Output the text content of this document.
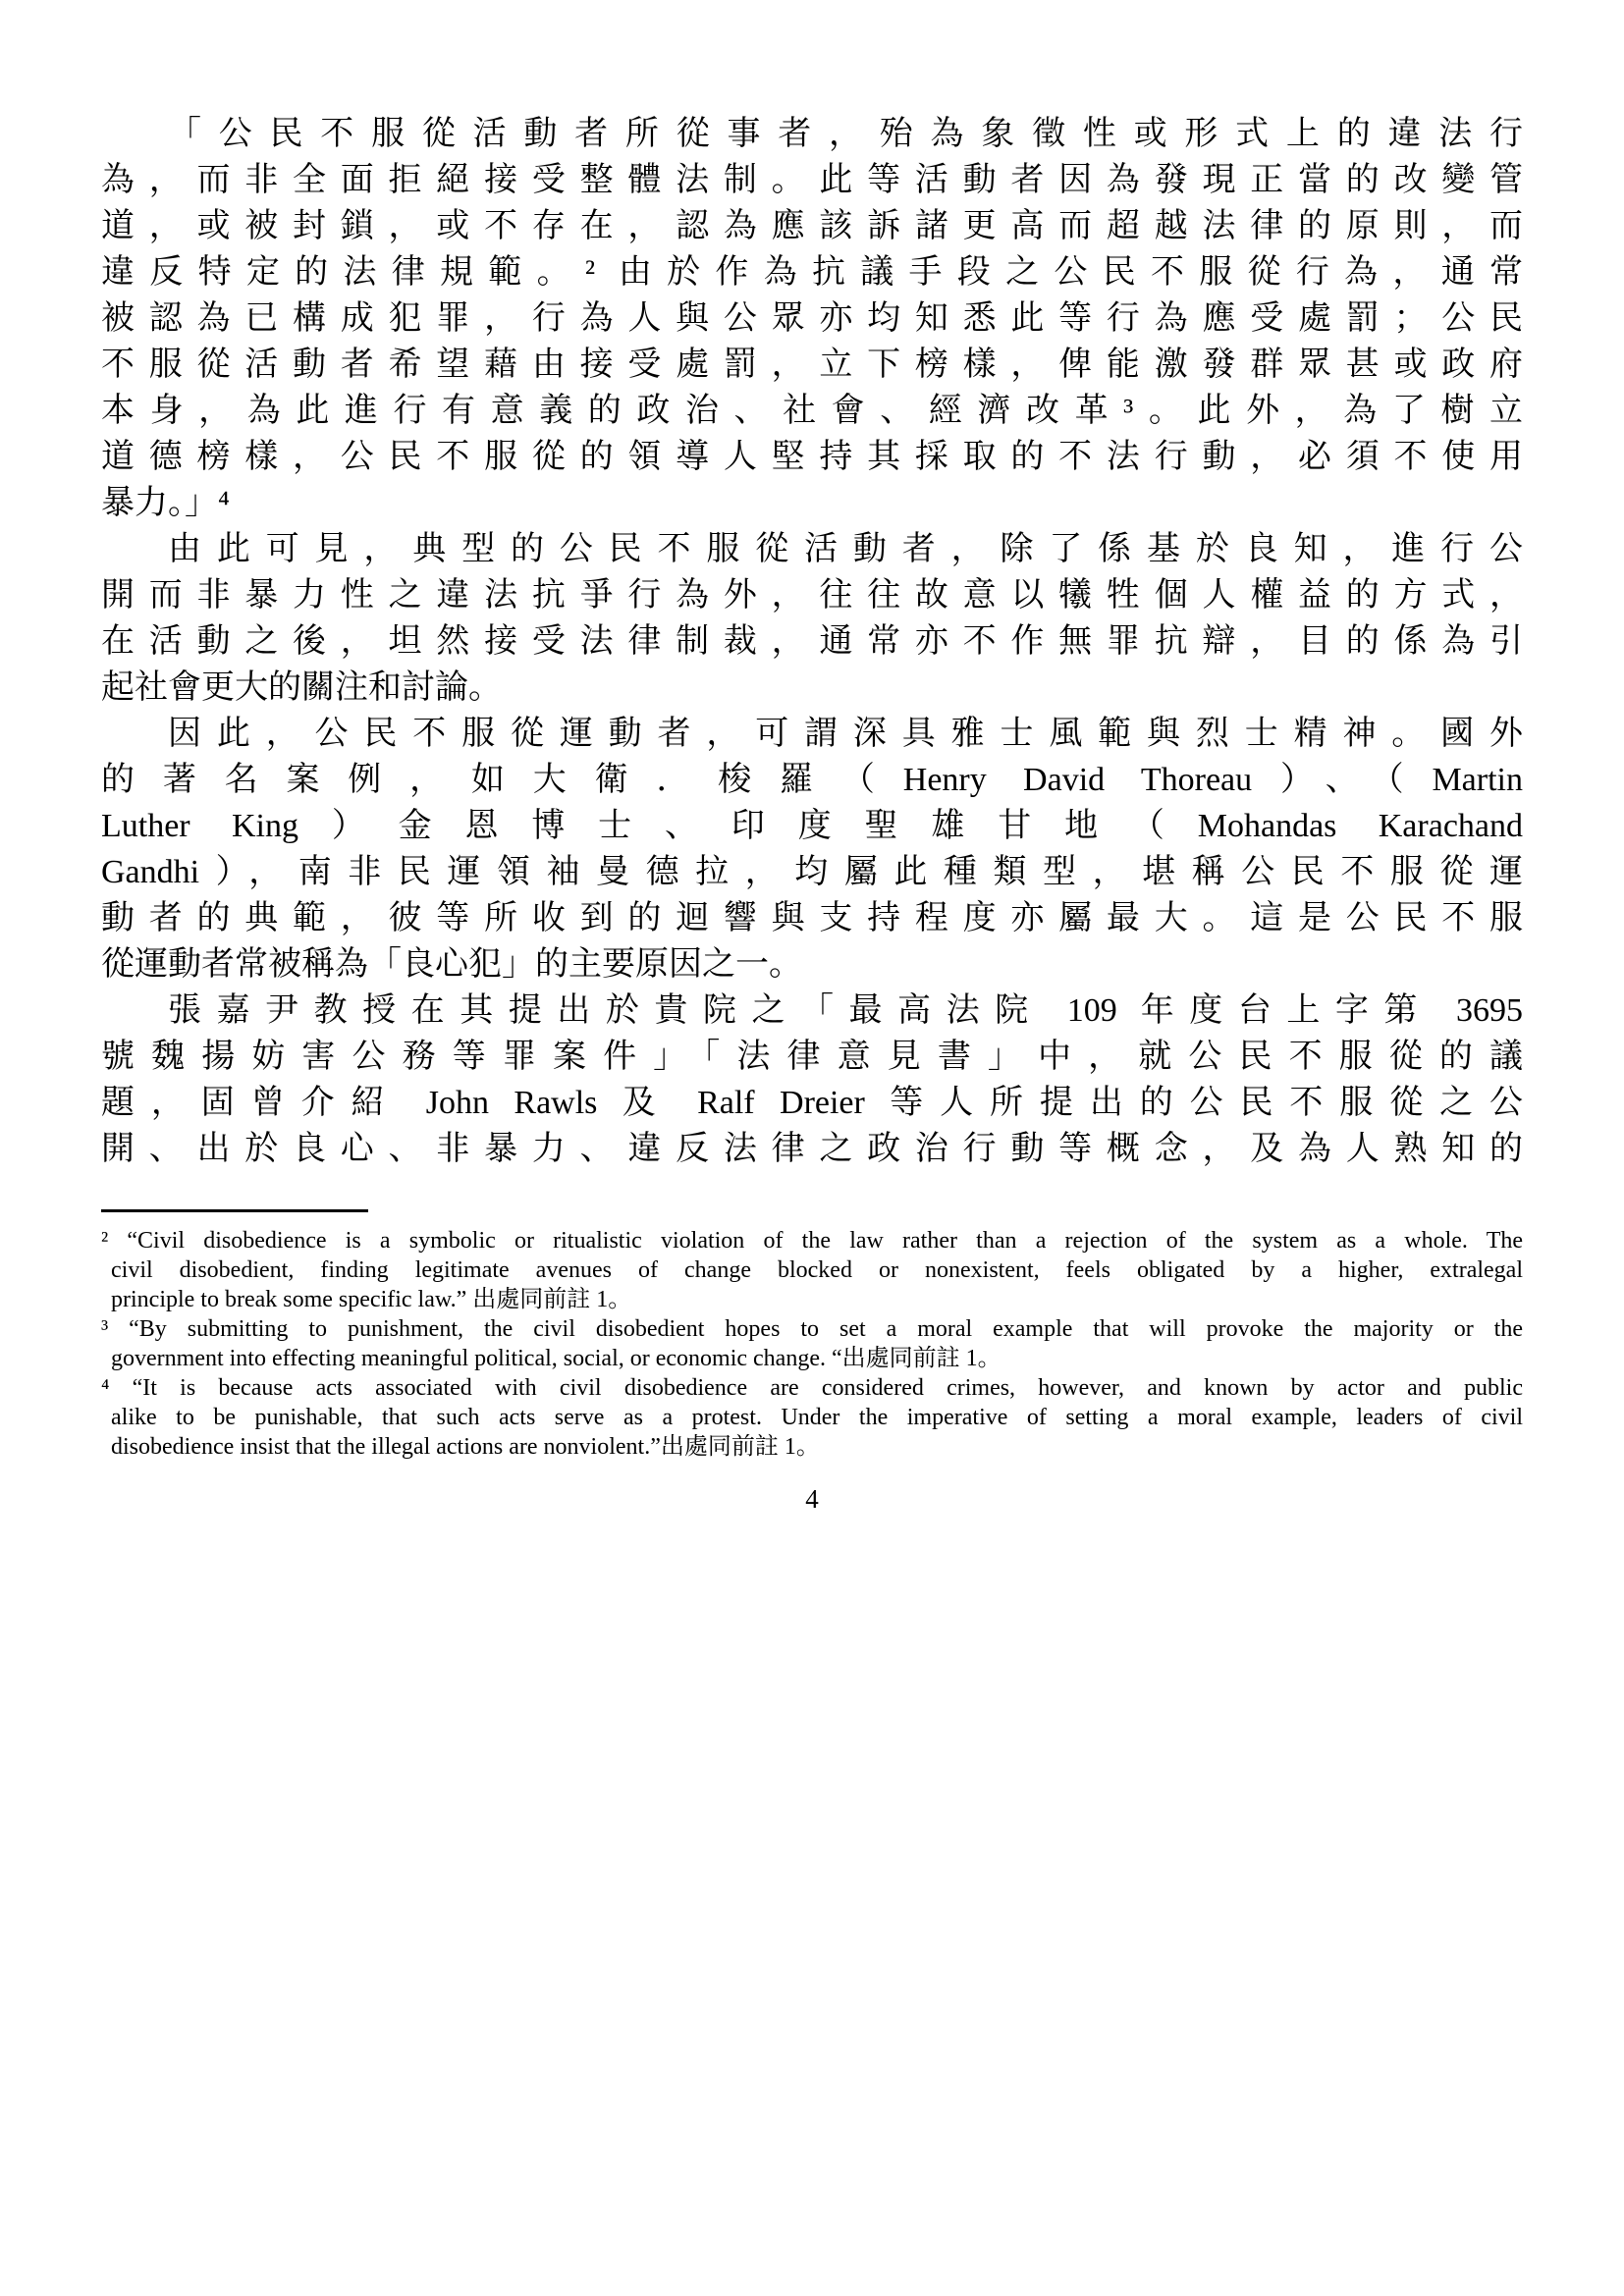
「公民不服從活動者所從事者，殆為象徵性或形式上的違法行
為，而非全面拒絕接受整體法制。此等活動者因為發現正當的改變管
道，或被封鎖，或不存在，認為應該訴諸更高而超越法律的原則，而
違反特定的法律規範。² 由於作為抗議手段之公民不服從行為，通常
被認為已構成犯罪，行為人與公眾亦均知悉此等行為應受處罰；公民
不服從活動者希望藉由接受處罰，立下榜樣，俾能激發群眾甚或政府
本身，為此進行有意義的政治、社會、經濟改革³。此外，為了樹立
道德榜樣，公民不服從的領導人堅持其採取的不法行動，必須不使用
暴力。」⁴
由此可見，典型的公民不服從活動者，除了係基於良知，進行公
開而非暴力性之違法抗爭行為外，往往故意以犧牲個人權益的方式，
在活動之後，坦然接受法律制裁，通常亦不作無罪抗辯，目的係為引
起社會更大的關注和討論。
因此，公民不服從運動者，可謂深具雅士風範與烈士精神。國外
的著名案例，如大衛．梭羅（Henry David Thoreau）、（Martin
Luther King）金恩博士、印度聖雄甘地（Mohandas Karachand
Gandhi），南非民運領袖曼德拉，均屬此種類型，堪稱公民不服從運
動者的典範，彼等所收到的迴響與支持程度亦屬最大。這是公民不服
從運動者常被稱為「良心犯」的主要原因之一。
張嘉尹教授在其提出於貴院之「最高法院 109 年度台上字第 3695
號魏揚妨害公務等罪案件」「法律意見書」中，就公民不服從的議
題，固曾介紹 John Rawls 及 Ralf Dreier 等人所提出的公民不服從之公
開、出於良心、非暴力、違反法律之政治行動等概念，及為人熟知的
² “Civil disobedience is a symbolic or ritualistic violation of the law rather than a rejection of the system as a whole. The
civil disobedient, finding legitimate avenues of change blocked or nonexistent, feels obligated by a higher, extralegal
principle to break some specific law.” 出處同前註 1。
³ “By submitting to punishment, the civil disobedient hopes to set a moral example that will provoke the majority or the
government into effecting meaningful political, social, or economic change. “出處同前註 1。
⁴ “It is because acts associated with civil disobedience are considered crimes, however, and known by actor and public
alike to be punishable, that such acts serve as a protest. Under the imperative of setting a moral example, leaders of civil
disobedience insist that the illegal actions are nonviolent.”出處同前註 1。
4
